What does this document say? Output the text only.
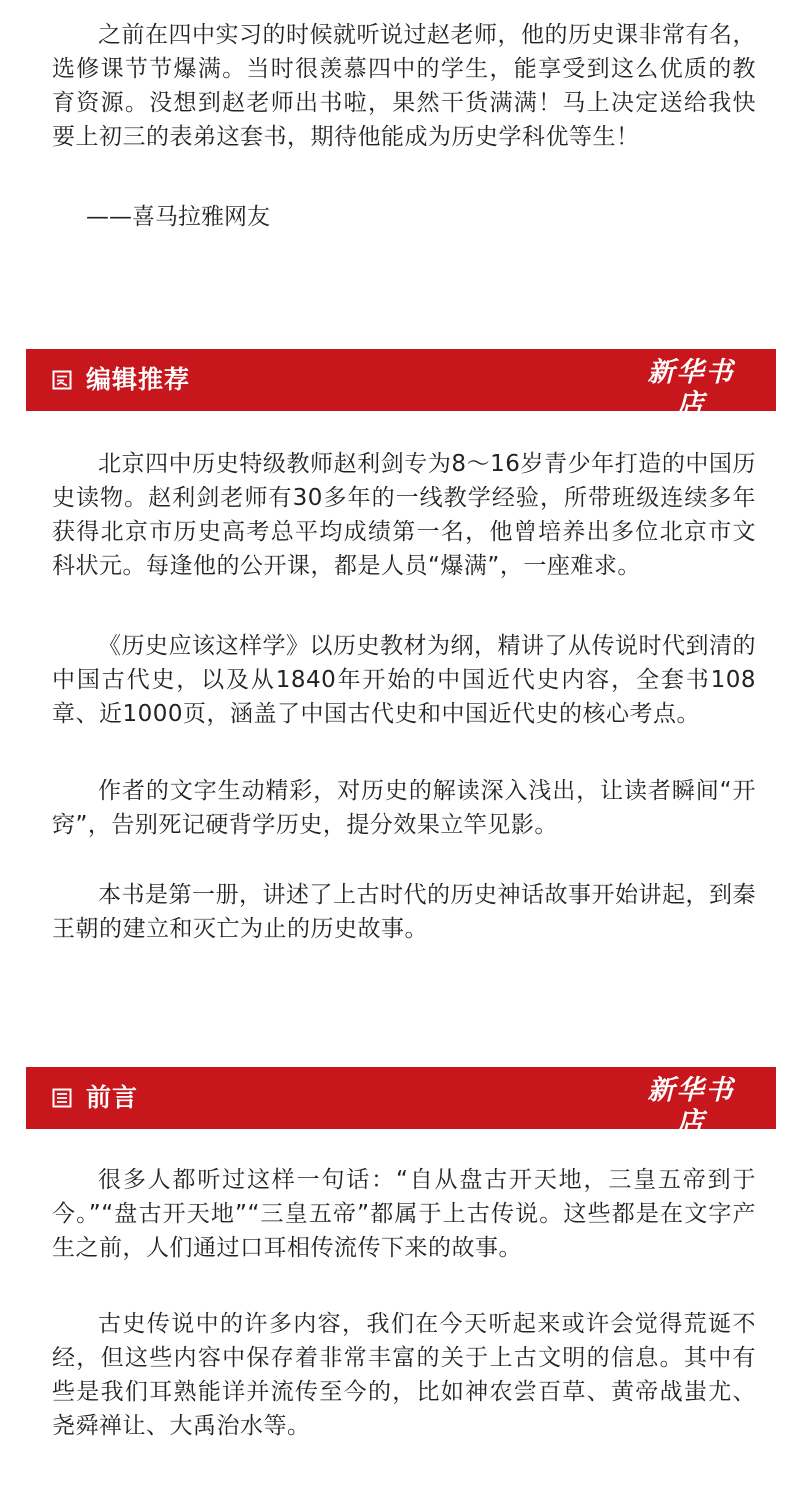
之前在四中实习的时候就听说过赵老师，他的历史课非常有名，选修课节节爆满。当时很羡慕四中的学生，能享受到这么优质的教育资源。没想到赵老师出书啦，果然干货满满！马上决定送给我快要上初三的表弟这套书，期待他能成为历史学科优等生！

——喜马拉雅网友

编辑推荐	新华书店
XINHUA BOOKSTORE

北京四中历史特级教师赵利剑专为8～16岁青少年打造的中国历史读物。赵利剑老师有30多年的一线教学经验，所带班级连续多年获得北京市历史高考总平均成绩第一名，他曾培养出多位北京市文科状元。每逢他的公开课，都是人员“爆满”，一座难求。

《历史应该这样学》以历史教材为纲，精讲了从传说时代到清的中国古代史，以及从1840年开始的中国近代史内容，全套书108章、近1000页，涵盖了中国古代史和中国近代史的核心考点。

作者的文字生动精彩，对历史的解读深入浅出，让读者瞬间“开窍”，告别死记硬背学历史，提分效果立竿见影。

本书是第一册，讲述了上古时代的历史神话故事开始讲起，到秦王朝的建立和灭亡为止的历史故事。

前言	新华书店
XINHUA BOOKSTORE

很多人都听过这样一句话：“自从盘古开天地，三皇五帝到于今。”“盘古开天地”“三皇五帝”都属于上古传说。这些都是在文字产生之前，人们通过口耳相传流传下来的故事。

古史传说中的许多内容，我们在今天听起来或许会觉得荒诞不经，但这些内容中保存着非常丰富的关于上古文明的信息。其中有些是我们耳熟能详并流传至今的，比如神农尝百草、黄帝战蚩尤、尧舜禅让、大禹治水等。
